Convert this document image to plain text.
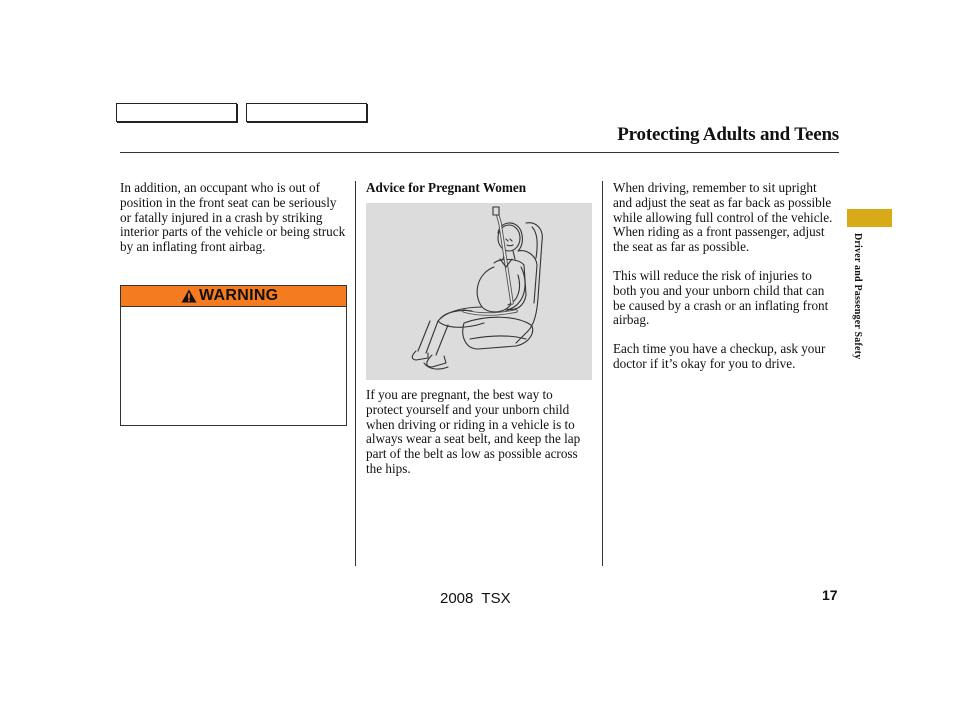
Protecting Adults and Teens

In addition, an occupant who is out of position in the front seat can be seriously or fatally injured in a crash by striking interior parts of the vehicle or being struck by an inflating front airbag.

WARNING
Advice for Pregnant Women

If you are pregnant, the best way to protect yourself and your unborn child when driving or riding in a vehicle is to always wear a seat belt, and keep the lap part of the belt as low as possible across the hips.

When driving, remember to sit upright and adjust the seat as far back as possible while allowing full control of the vehicle. When riding as a front passenger, adjust the seat as far as possible.

This will reduce the risk of injuries to both you and your unborn child that can be caused by a crash or an inflating front airbag.

Each time you have a checkup, ask your doctor if it’s okay for you to drive.

Driver and Passenger Safety
2008  TSX	17
